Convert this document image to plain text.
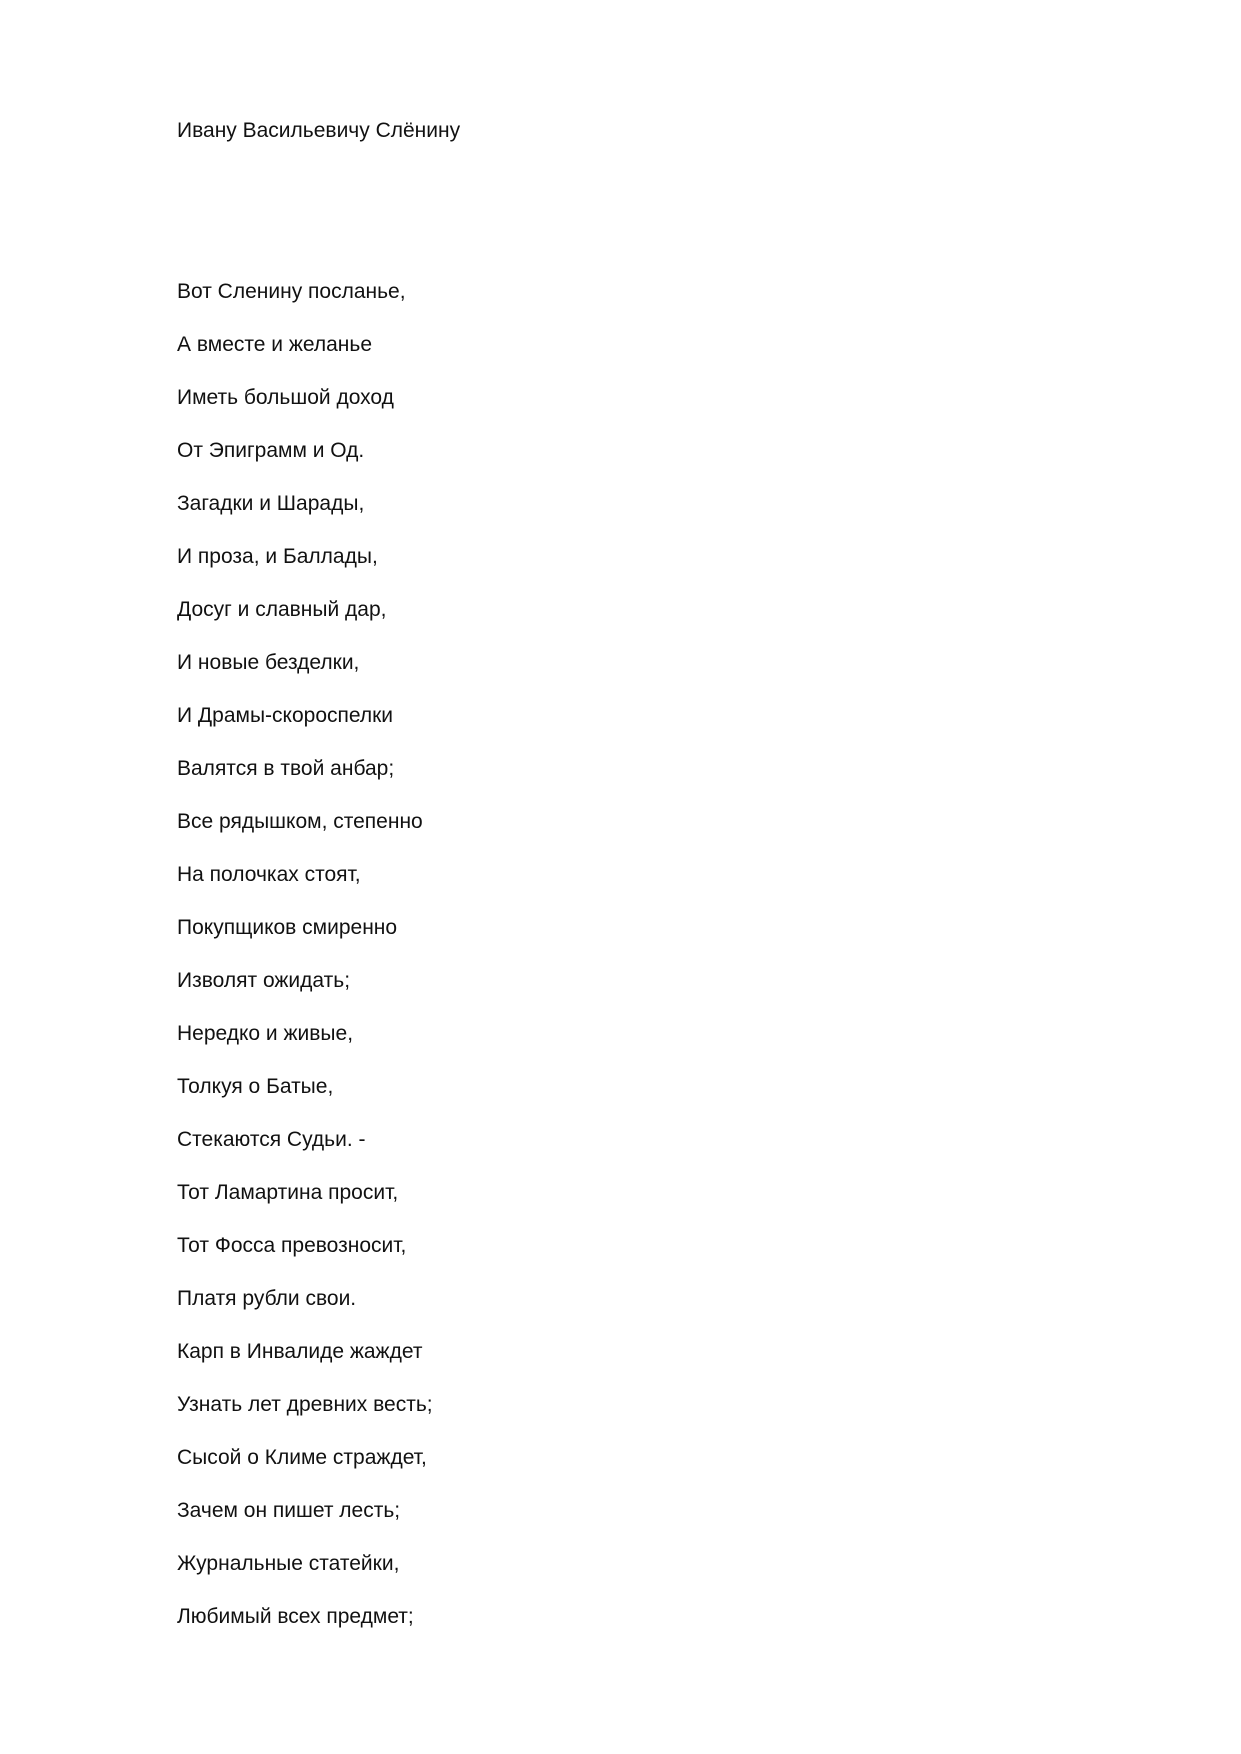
Ивану Васильевичу Слёнину
Вот Сленину посланье,
А вместе и желанье
Иметь большой доход
От Эпиграмм и Од.
Загадки и Шарады,
И проза, и Баллады,
Досуг и славный дар,
И новые безделки,
И Драмы-скороспелки
Валятся в твой анбар;
Все рядышком, степенно
На полочках стоят,
Покупщиков смиренно
Изволят ожидать;
Нередко и живые,
Толкуя о Батые,
Стекаются Судьи. -
Тот Ламартина просит,
Тот Фосса превозносит,
Платя рубли свои.
Карп в Инвалиде жаждет
Узнать лет древних весть;
Сысой о Климе страждет,
Зачем он пишет лесть;
Журнальные статейки,
Любимый всех предмет;
